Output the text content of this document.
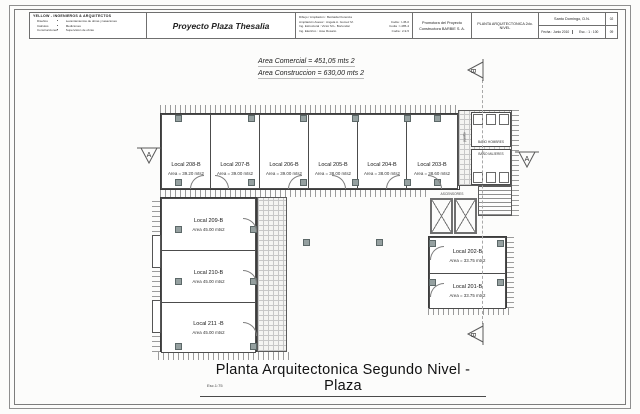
YELLOW - INGENIEROS & ARQUITECTOS
• Diseños
• Cálculos
• Construcciones
• Levantamientos de obras y tasaciones
• Mediciones
• Supervisión de obras	Proyecto Plaza Thesalia
Dibujo / Ampliación : Betzaida Florencia
Ampliación Asesor : Angela A. Gomez M.	Codia : I-45-0
Ing. Estructural : Victor M.L. Bortondar	Codia : I-485-4
Ing. Electrico : Jose Rosario	Codia : 2-9-5
Promotora del Proyecto
Constructora BARBIE S. A.
PLANTA ARQUITECTONICA 2do. NIVEL
Santo Domingo, D.N.
Fecha : Junio 2010	Esc. : 1 : 100
02
09
Area Comercial = 451,05 mts 2
Area Construccion = 630,00 mts 2
Local 208-B
Area = 39.20 mts2
Local 207-B
Area = 39.00 mts2
Local 206-B
Area = 39.00 mts2
Local 205-B
Area = 38.00 mts2
Local 204-B
Area = 38.00 mts2
Local 203-B
Area = 38.60 mts2
Local 209-B
Area 45.00 mts2
Local 210-B
Area 45.00 mts2
Local 211 -B
Area 45.00 mts2
Local 202-B
Area = 33.75 mts2
Local 201-B
Area = 33.75 mts2
pasillo
BAÑO HOMBRES
BAÑO MUJERES
ASCENSORES
A
A
B
B
Planta Arquitectonica Segundo Nivel - Plaza
Esc.1:75
